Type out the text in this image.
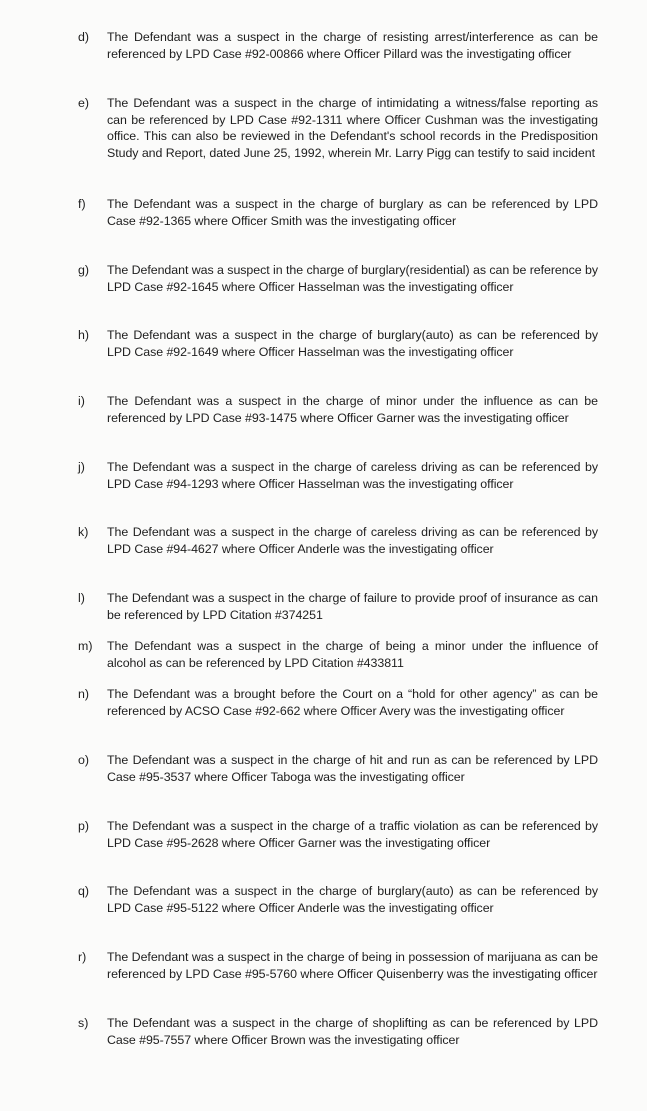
d)	The Defendant was a suspect in the charge of resisting arrest/interference as can be referenced by LPD Case #92-00866 where Officer Pillard was the investigating officer
e)	The Defendant was a suspect in the charge of intimidating a witness/false reporting as can be referenced by LPD Case #92-1311 where Officer Cushman was the investigating office. This can also be reviewed in the Defendant's school records in the Predisposition Study and Report, dated June 25, 1992, wherein Mr. Larry Pigg can testify to said incident
f)	The Defendant was a suspect in the charge of burglary as can be referenced by LPD Case #92-1365 where Officer Smith was the investigating officer
g)	The Defendant was a suspect in the charge of burglary(residential) as can be reference by LPD Case #92-1645 where Officer Hasselman was the investigating officer
h)	The Defendant was a suspect in the charge of burglary(auto) as can be referenced by LPD Case #92-1649 where Officer Hasselman was the investigating officer
i)	The Defendant was a suspect in the charge of minor under the influence as can be referenced by LPD Case #93-1475 where Officer Garner was the investigating officer
j)	The Defendant was a suspect in the charge of careless driving as can be referenced by LPD Case #94-1293 where Officer Hasselman was the investigating officer
k)	The Defendant was a suspect in the charge of careless driving as can be referenced by LPD Case #94-4627 where Officer Anderle was the investigating officer
l)	The Defendant was a suspect in the charge of failure to provide proof of insurance as can be referenced by LPD Citation #374251
m)	The Defendant was a suspect in the charge of being a minor under the influence of alcohol as can be referenced by LPD Citation #433811
n)	The Defendant was a brought before the Court on a “hold for other agency” as can be referenced by ACSO Case #92-662 where Officer Avery was the investigating officer
o)	The Defendant was a suspect in the charge of hit and run as can be referenced by LPD Case #95-3537 where Officer Taboga was the investigating officer
p)	The Defendant was a suspect in the charge of a traffic violation as can be referenced by LPD Case #95-2628 where Officer Garner was the investigating officer
q)	The Defendant was a suspect in the charge of burglary(auto) as can be referenced by LPD Case #95-5122 where Officer Anderle was the investigating officer
r)	The Defendant was a suspect in the charge of being in possession of marijuana as can be referenced by LPD Case #95-5760 where Officer Quisenberry was the investigating officer
s)	The Defendant was a suspect in the charge of shoplifting as can be referenced by LPD Case #95-7557 where Officer Brown was the investigating officer
